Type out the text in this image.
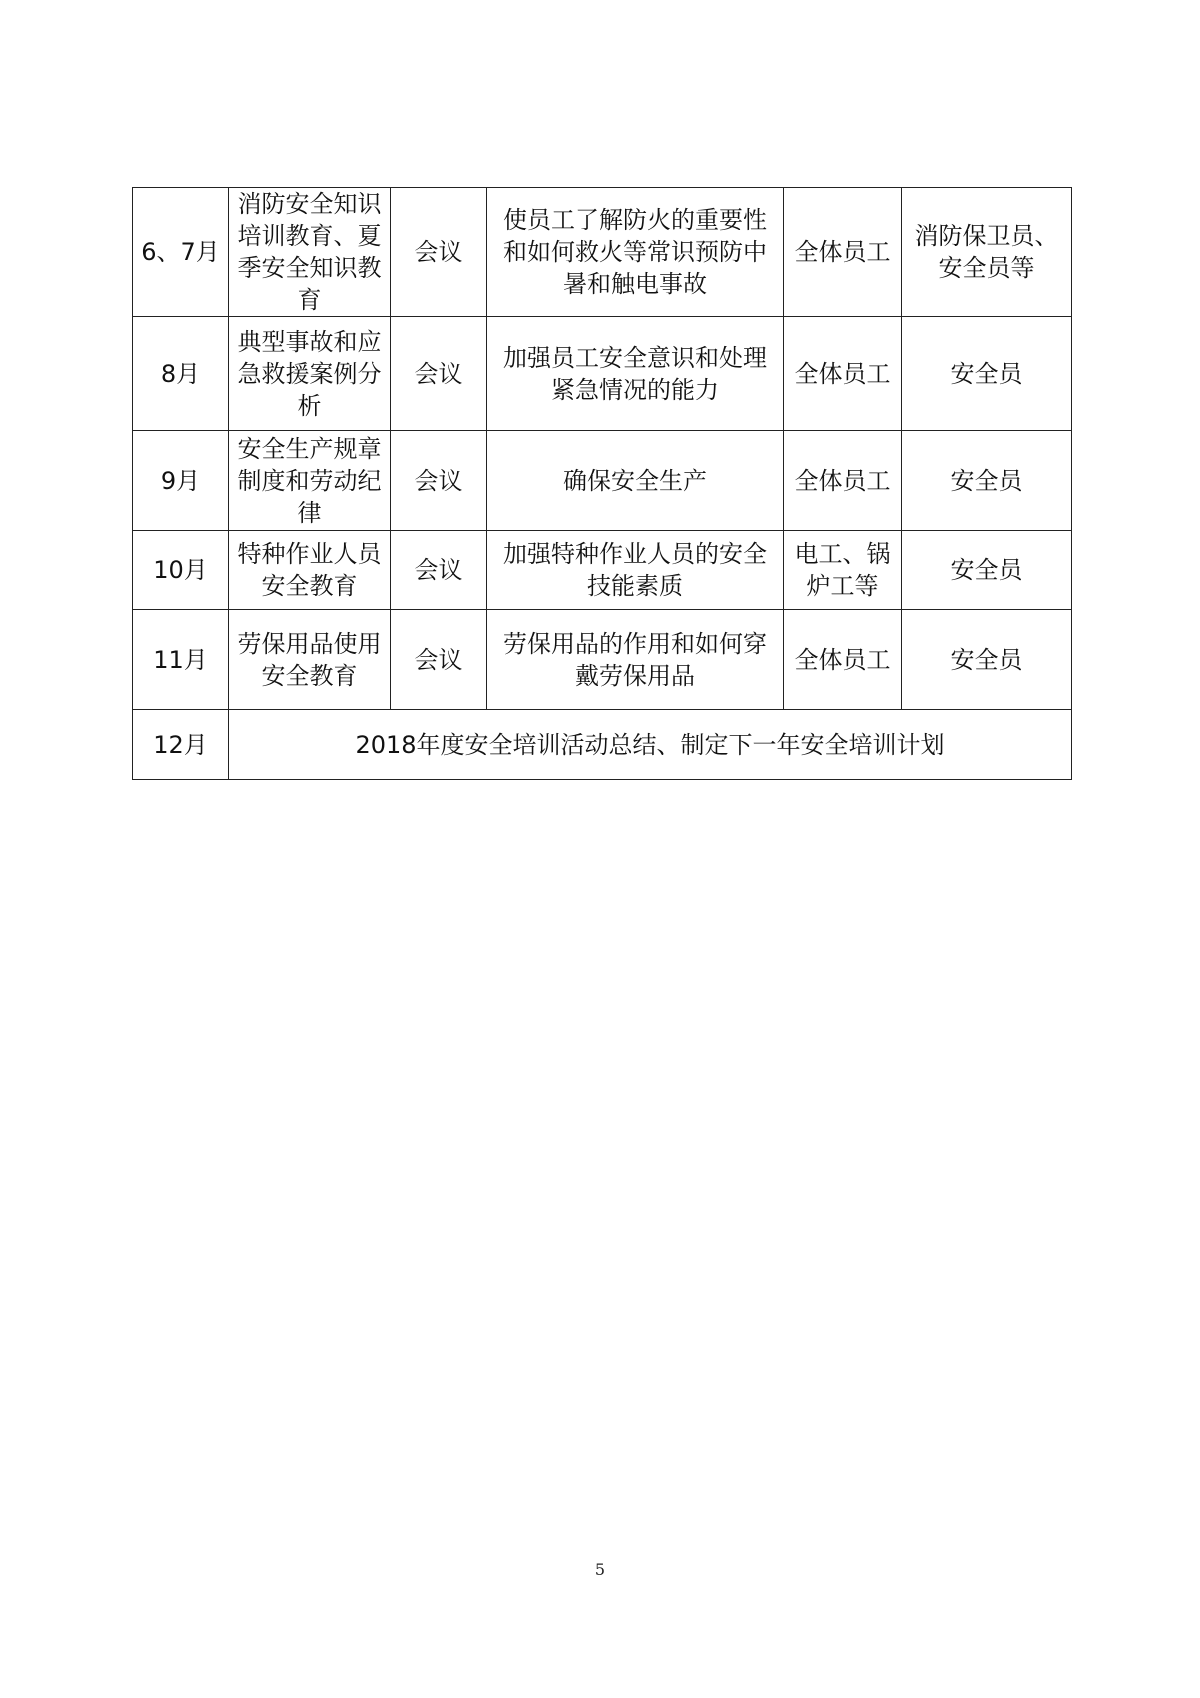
6、7月	消防安全知识培训教育、夏季安全知识教育	会议	使员工了解防火的重要性和如何救火等常识预防中暑和触电事故	全体员工	消防保卫员、安全员等
8月	典型事故和应急救援案例分析	会议	加强员工安全意识和处理紧急情况的能力	全体员工	安全员
9月	安全生产规章制度和劳动纪律	会议	确保安全生产	全体员工	安全员
10月	特种作业人员安全教育	会议	加强特种作业人员的安全技能素质	电工、锅炉工等	安全员
11月	劳保用品使用安全教育	会议	劳保用品的作用和如何穿戴劳保用品	全体员工	安全员
12月	2018年度安全培训活动总结、制定下一年安全培训计划				
5
